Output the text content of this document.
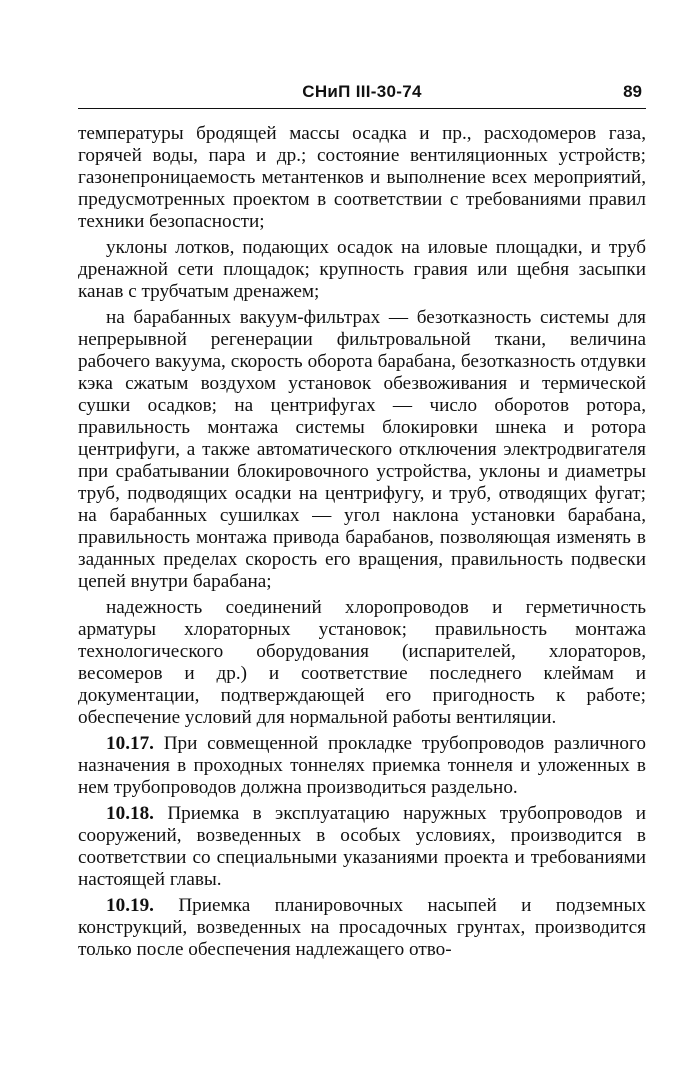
СНиП III-30-74	89

температуры бродящей массы осадка и пр., расходомеров газа, горячей воды, пара и др.; состояние вентиляционных устройств; газонепроницаемость метантенков и выполнение всех мероприятий, предусмотренных проектом в соответствии с требованиями правил техники безопасности;

уклоны лотков, подающих осадок на иловые площадки, и труб дренажной сети площадок; крупность гравия или щебня засыпки канав с трубчатым дренажем;

на барабанных вакуум-фильтрах — безотказность системы для непрерывной регенерации фильтровальной ткани, величина рабочего вакуума, скорость оборота барабана, безотказность отдувки кэка сжатым воздухом установок обезвоживания и термической сушки осадков; на центрифугах — число оборотов ротора, правильность монтажа системы блокировки шнека и ротора центрифуги, а также автоматического отключения электродвигателя при срабатывании блокировочного устройства, уклоны и диаметры труб, подводящих осадки на центрифугу, и труб, отводящих фугат; на барабанных сушилках — угол наклона установки барабана, правильность монтажа привода барабанов, позволяющая изменять в заданных пределах скорость его вращения, правильность подвески цепей внутри барабана;

надежность соединений хлоропроводов и герметичность арматуры хлораторных установок; правильность монтажа технологического оборудования (испарителей, хлораторов, весомеров и др.) и соответствие последнего клеймам и документации, подтверждающей его пригодность к работе; обеспечение условий для нормальной работы вентиляции.

10.17. При совмещенной прокладке трубопроводов различного назначения в проходных тоннелях приемка тоннеля и уложенных в нем трубопроводов должна производиться раздельно.

10.18. Приемка в эксплуатацию наружных трубопроводов и сооружений, возведенных в особых условиях, производится в соответствии со специальными указаниями проекта и требованиями настоящей главы.

10.19. Приемка планировочных насыпей и подземных конструкций, возведенных на просадочных грунтах, производится только после обеспечения надлежащего отво-
